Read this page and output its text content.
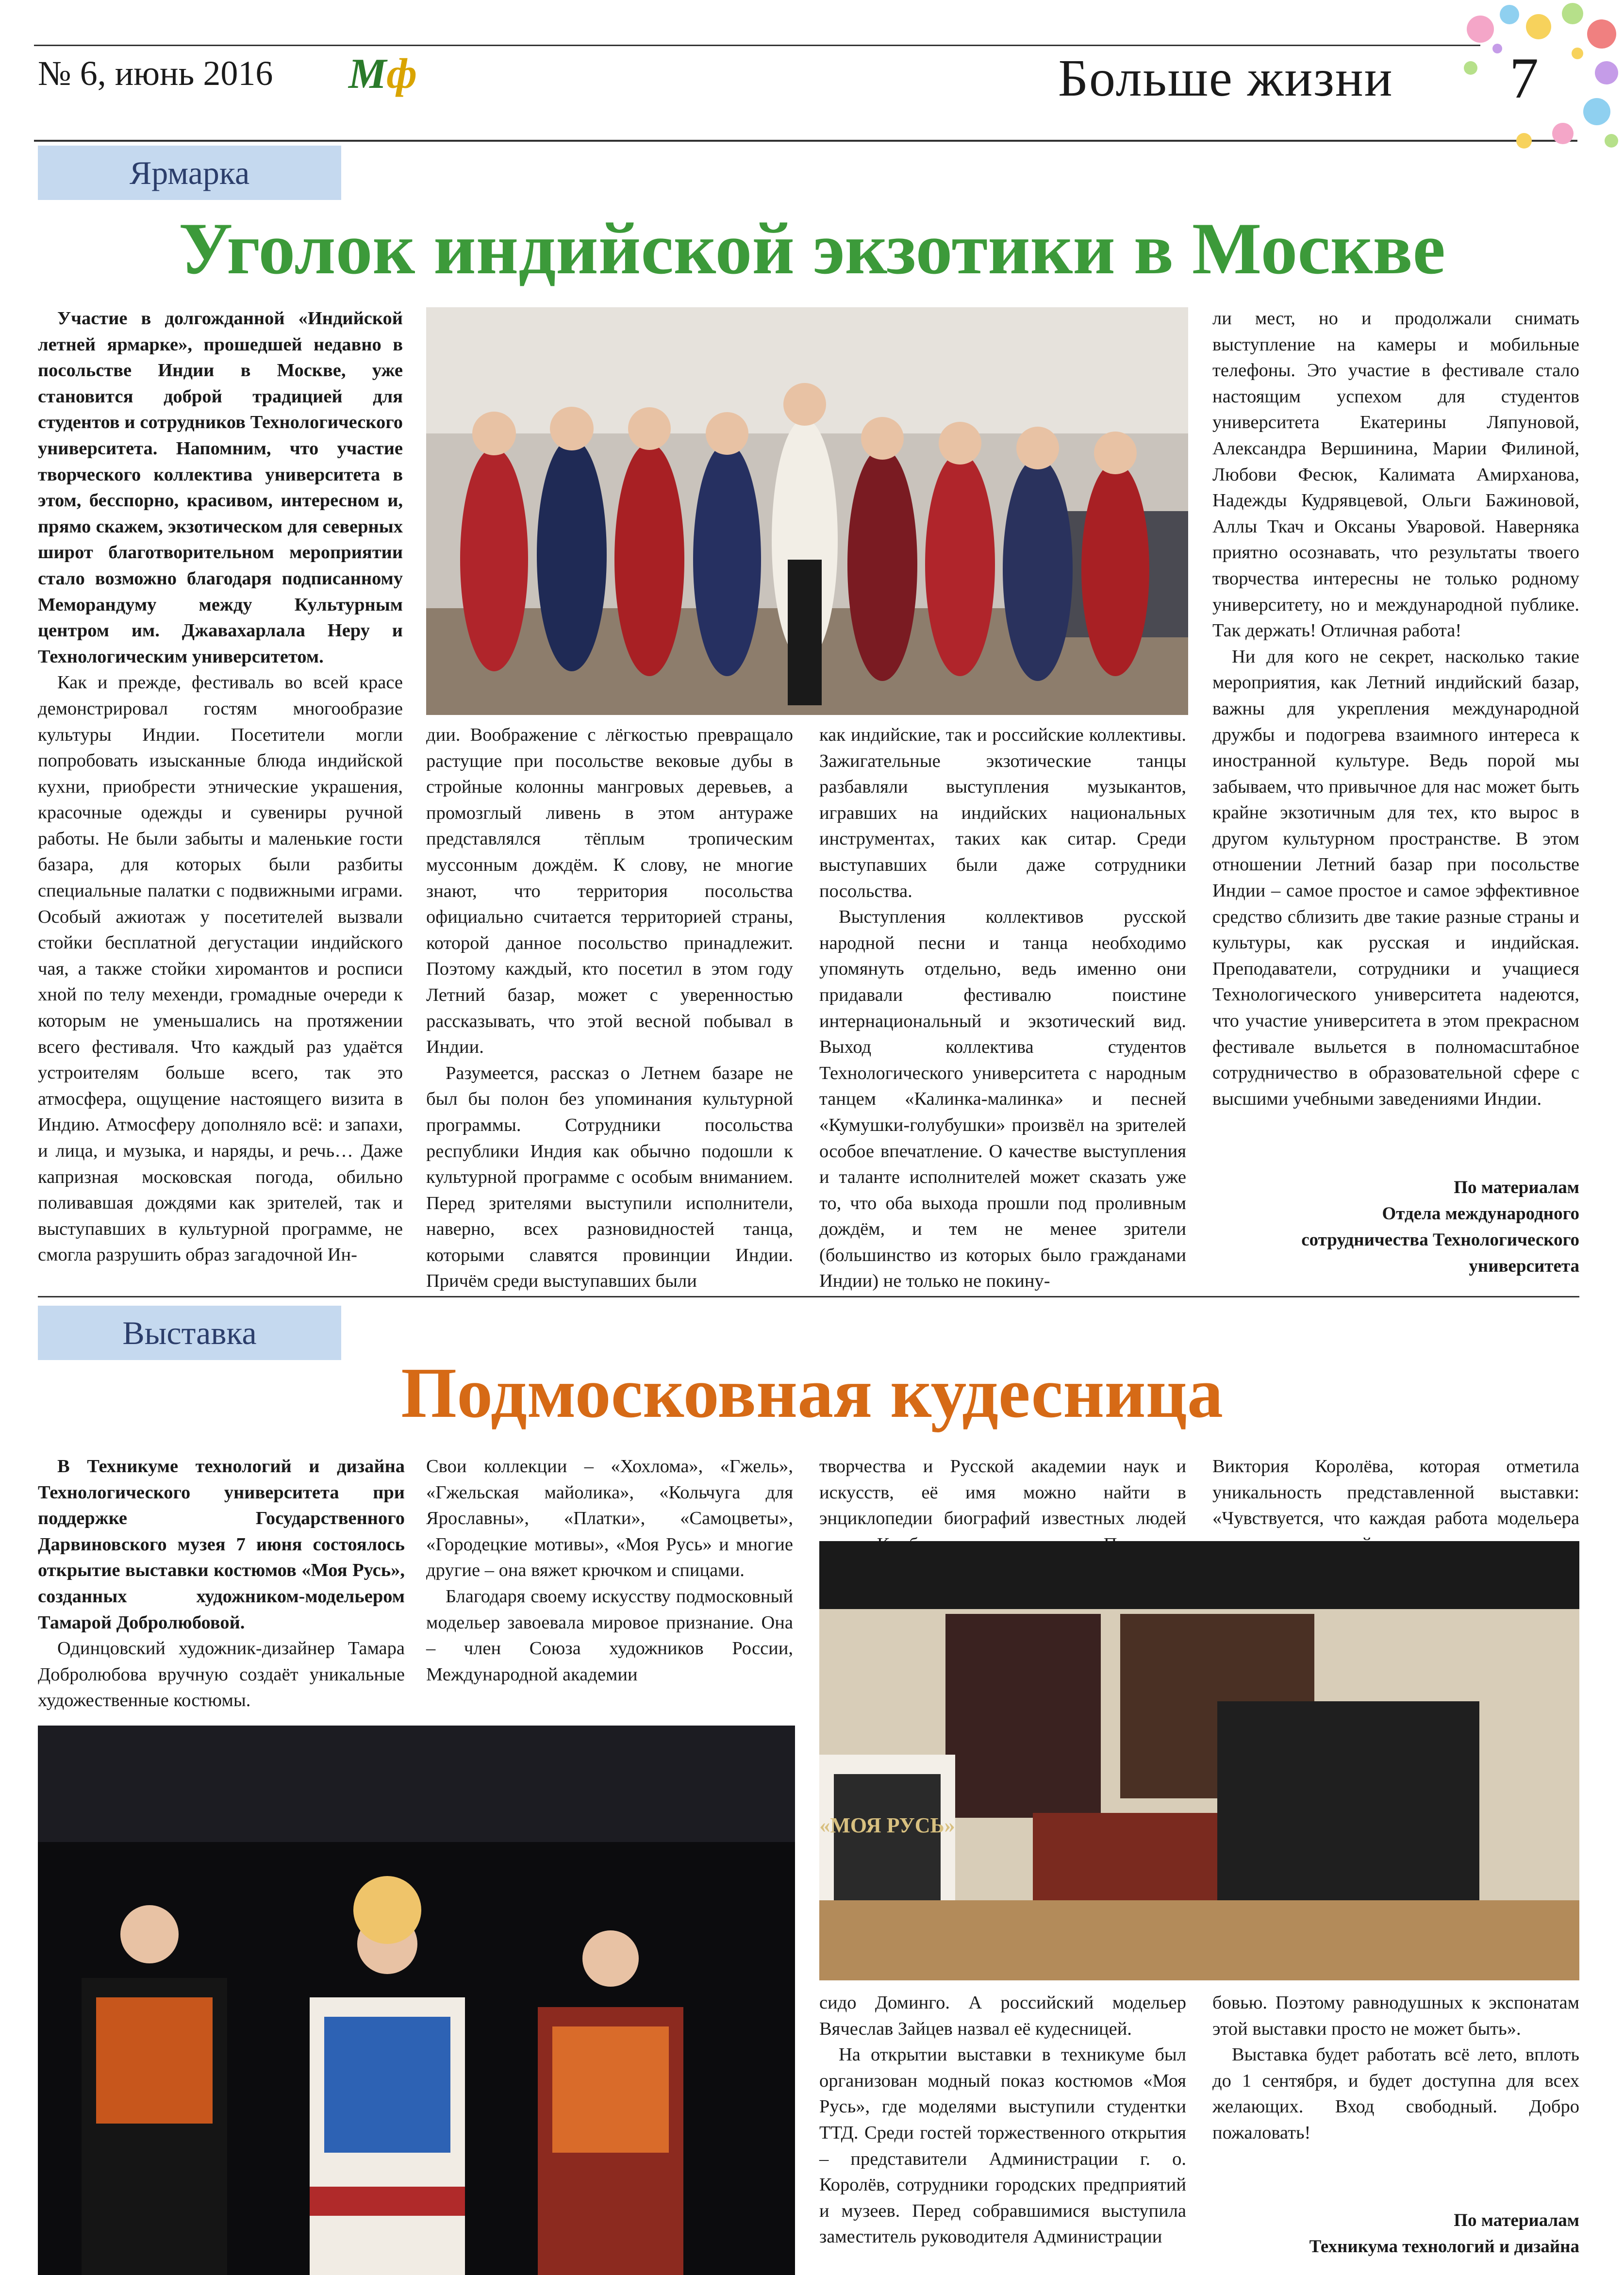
№ 6, июнь 2016 Мф	Больше жизни 7
Ярмарка
Уголок индийской экзотики в Москве

Участие в долгожданной «Индийской летней ярмарке», прошедшей недавно в посольстве Индии в Москве, уже становится доброй традицией для студентов и сотрудников Технологического университета. Напомним, что участие творческого коллектива университета в этом, бесспорно, красивом, интересном и, прямо скажем, экзотическом для северных широт благотворительном мероприятии стало возможно благодаря подписанному Меморандуму между Культурным центром им. Джавахарлала Неру и Технологическим университетом.

Как и прежде, фестиваль во всей красе демонстрировал гостям многообразие культуры Индии. Посетители могли попробовать изысканные блюда индийской кухни, приобрести этнические украшения, красочные одежды и сувениры ручной работы. Не были забыты и маленькие гости базара, для которых были разбиты специальные палатки с подвижными играми. Особый ажиотаж у посетителей вызвали стойки бесплатной дегустации индийского чая, а также стойки хиромантов и росписи хной по телу мехенди, громадные очереди к которым не уменьшались на протяжении всего фестиваля. Что каждый раз удаётся устроителям больше всего, так это атмосфера, ощущение настоящего визита в Индию. Атмосферу дополняло всё: и запахи, и лица, и музыка, и наряды, и речь… Даже капризная московская погода, обильно поливавшая дождями как зрителей, так и выступавших в культурной программе, не смогла разрушить образ загадочной Ин-

дии. Воображение с лёгкостью превращало растущие при посольстве вековые дубы в стройные колонны мангровых деревьев, а промозглый ливень в этом антураже представлялся тёплым тропическим муссонным дождём. К слову, не многие знают, что территория посольства официально считается территорией страны, которой данное посольство принадлежит. Поэтому каждый, кто посетил в этом году Летний базар, может с уверенностью рассказывать, что этой весной побывал в Индии.

Разумеется, рассказ о Летнем базаре не был бы полон без упоминания культурной программы. Сотрудники посольства республики Индия как обычно подошли к культурной программе с особым вниманием. Перед зрителями выступили исполнители, наверно, всех разновидностей танца, которыми славятся провинции Индии. Причём среди выступавших были

как индийские, так и российские коллективы. Зажигательные экзотические танцы разбавляли выступления музыкантов, игравших на индийских национальных инструментах, таких как ситар. Среди выступавших были даже сотрудники посольства.

Выступления коллективов русской народной песни и танца необходимо упомянуть отдельно, ведь именно они придавали фестивалю поистине интернациональный и экзотический вид. Выход коллектива студентов Технологического университета с народным танцем «Калинка-малинка» и песней «Кумушки-голубушки» произвёл на зрителей особое впечатление. О качестве выступления и таланте исполнителей может сказать уже то, что оба выхода прошли под проливным дождём, и тем не менее зрители (большинство из которых было гражданами Индии) не только не покину-

ли мест, но и продолжали снимать выступление на камеры и мобильные телефоны. Это участие в фестивале стало настоящим успехом для студентов университета Екатерины Ляпуновой, Александра Вершинина, Марии Филиной, Любови Фесюк, Калимата Амирханова, Надежды Кудрявцевой, Ольги Бажиновой, Аллы Ткач и Оксаны Уваровой. Наверняка приятно осознавать, что результаты твоего творчества интересны не только родному университету, но и международной публике. Так держать! Отличная работа!

Ни для кого не секрет, насколько такие мероприятия, как Летний индийский базар, важны для укрепления международной дружбы и подогрева взаимного интереса к иностранной культуре. Ведь порой мы забываем, что привычное для нас может быть крайне экзотичным для тех, кто вырос в другом культурном пространстве. В этом отношении Летний базар при посольстве Индии – самое простое и самое эффективное средство сблизить две такие разные страны и культуры, как русская и индийская. Преподаватели, сотрудники и учащиеся Технологического университета надеются, что участие университета в этом прекрасном фестивале выльется в полномасштабное сотрудничество в образовательной сфере с высшими учебными заведениями Индии.

По материалам
Отдела международного
сотрудничества Технологического
университета
Выставка
Подмосковная кудесница

В Техникуме технологий и дизайна Технологического университета при поддержке Государственного Дарвиновского музея 7 июня состоялось открытие выставки костюмов «Моя Русь», созданных художником-модельером Тамарой Добролюбовой.

Одинцовский художник-дизайнер Тамара Добролюбова вручную создаёт уникальные художественные костюмы.

Свои коллекции – «Хохлома», «Гжель», «Гжельская майолика», «Кольчуга для Ярославны», «Платки», «Самоцветы», «Городецкие мотивы», «Моя Русь» и многие другие – она вяжет крючком и спицами.

Благодаря своему искусству подмосковный модельер завоевала мировое признание. Она – член Союза художников России, Международной академии

творчества и Русской академии наук и искусств, её имя можно найти в энциклопедии биографий известных людей

Виктория Королёва, которая отметила уникальность представленной выставки: «Чувствуется, что каждая работа модельера

«МОЯ РУСЬ»

сидо Доминго. А российский модельер Вячеслав Зайцев назвал её кудесницей.

На открытии выставки в техникуме был организован модный показ костюмов «Моя Русь», где моделями выступили студентки ТТД. Среди гостей торжественного открытия – представители Администрации г. о. Королёв, сотрудники городских предприятий и музеев. Перед собравшимися выступила заместитель руководителя Администрации

бовью. Поэтому равнодушных к экспонатам этой выставки просто не может быть».

Выставка будет работать всё лето, вплоть до 1 сентября, и будет доступна для всех желающих. Вход свободный. Добро пожаловать!

По материалам
Техникума технологий и дизайна
